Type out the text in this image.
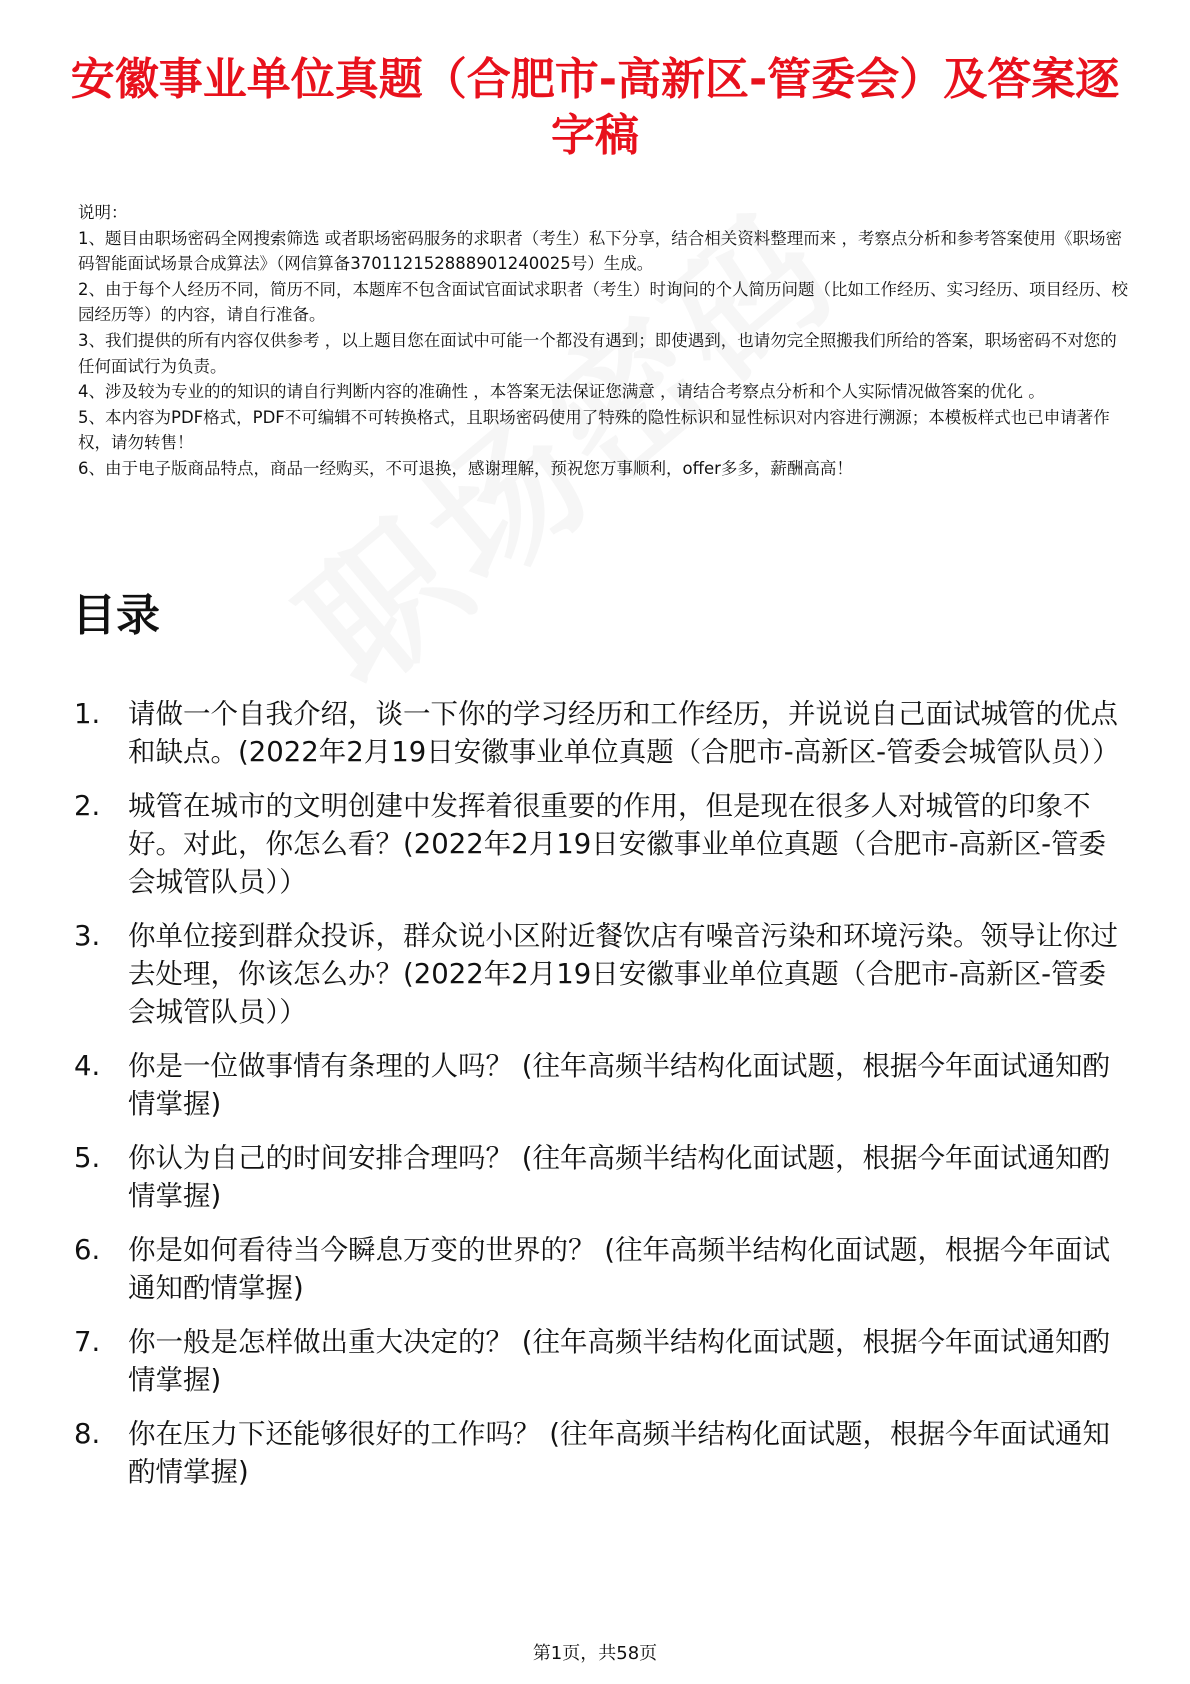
安徽事业单位真题（合肥市-高新区-管委会）及答案逐字稿

说明：

1、题目由职场密码全网搜索筛选 或者职场密码服务的求职者（考生）私下分享，结合相关资料整理而来 ，考察点分析和参考答案使用《职场密码智能面试场景合成算法》（网信算备370112152888901240025号）生成。

2、由于每个人经历不同，简历不同，本题库不包含面试官面试求职者（考生）时询问的个人简历问题（比如工作经历、实习经历、项目经历、校园经历等）的内容，请自行准备。

3、我们提供的所有内容仅供参考 ，以上题目您在面试中可能一个都没有遇到；即使遇到，也请勿完全照搬我们所给的答案，职场密码不对您的任何面试行为负责。

4、涉及较为专业的的知识的请自行判断内容的准确性 ，本答案无法保证您满意 ，请结合考察点分析和个人实际情况做答案的优化 。

5、本内容为PDF格式，PDF不可编辑不可转换格式，且职场密码使用了特殊的隐性标识和显性标识对内容进行溯源；本模板样式也已申请著作权，请勿转售！

6、由于电子版商品特点，商品一经购买，不可退换，感谢理解，预祝您万事顺利，offer多多，薪酬高高！

目录
1.	请做一个自我介绍，谈一下你的学习经历和工作经历，并说说自己面试城管的优点和缺点。(2022年2月19日安徽事业单位真题（合肥市-高新区-管委会城管队员））
2.	城管在城市的文明创建中发挥着很重要的作用，但是现在很多人对城管的印象不好。对此，你怎么看？(2022年2月19日安徽事业单位真题（合肥市-高新区-管委会城管队员））
3.	你单位接到群众投诉，群众说小区附近餐饮店有噪音污染和环境污染。领导让你过去处理，你该怎么办？(2022年2月19日安徽事业单位真题（合肥市-高新区-管委会城管队员））
4.	你是一位做事情有条理的人吗？ (往年高频半结构化面试题，根据今年面试通知酌情掌握)
5.	你认为自己的时间安排合理吗？ (往年高频半结构化面试题，根据今年面试通知酌情掌握)
6.	你是如何看待当今瞬息万变的世界的？ (往年高频半结构化面试题，根据今年面试通知酌情掌握)
7.	你一般是怎样做出重大决定的？ (往年高频半结构化面试题，根据今年面试通知酌情掌握)
8.	你在压力下还能够很好的工作吗？ (往年高频半结构化面试题，根据今年面试通知酌情掌握)
第1页，共58页
